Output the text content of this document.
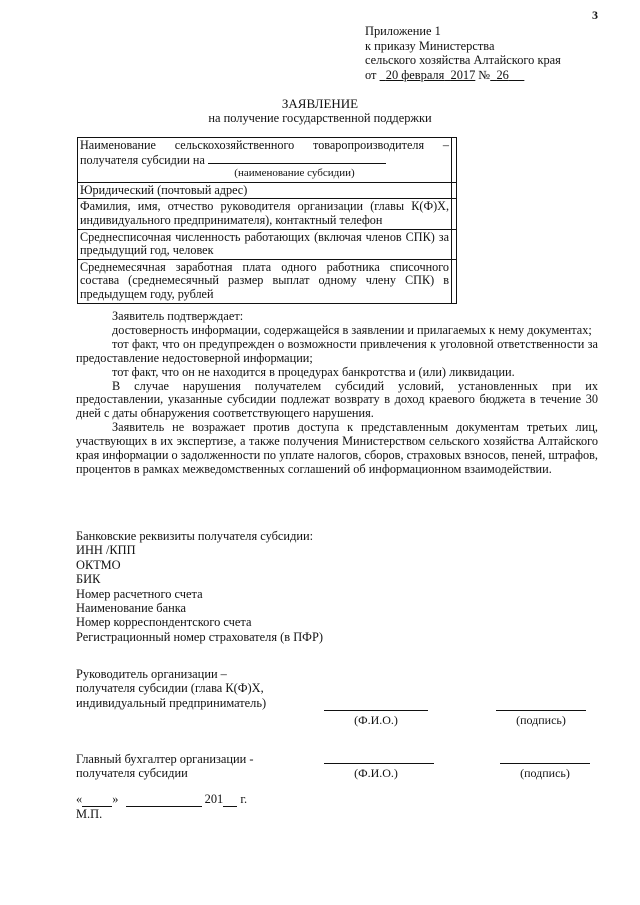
3
Приложение 1
к приказу Министерства
сельского хозяйства Алтайского края
от 20 февраля 2017 № 26
ЗАЯВЛЕНИЕ
на получение государственной поддержки
Наименование сельскохозяйственного товаропроизводителя – получателя субсидии на
(наименование субсидии)	

Юридический (почтовый адрес)	
Фамилия, имя, отчество руководителя организации (главы К(Ф)Х, индивидуального предпринимателя), контактный телефон	
Среднесписочная численность работающих (включая членов СПК) за предыдущий год, человек	
Среднемесячная заработная плата одного работника списочного состава (среднемесячный размер выплат одному члену СПК) в предыдущем году, рублей	

Заявитель подтверждает:

достоверность информации, содержащейся в заявлении и прилагаемых к нему документах;

тот факт, что он предупрежден о возможности привлечения к уголовной ответственности за предоставление недостоверной информации;

тот факт, что он не находится в процедурах банкротства и (или) ликвидации.

В случае нарушения получателем субсидий условий, установленных при их предоставлении, указанные субсидии подлежат возврату в доход краевого бюджета в течение 30 дней с даты обнаружения соответствующего нарушения.

Заявитель не возражает против доступа к представленным документам третьих лиц, участвующих в их экспертизе, а также получения Министерством сельского хозяйства Алтайского края информации о задолженности по уплате налогов, сборов, страховых взносов, пеней, штрафов, процентов в рамках межведомственных соглашений об информационном взаимодействии.

Банковские реквизиты получателя субсидии:
ИНН /КПП
ОКТМО
БИК
Номер расчетного счета
Наименование банка
Номер корреспондентского счета
Регистрационный номер страхователя (в ПФР)
Руководитель организации –
получателя субсидии (глава К(Ф)Х,
индивидуальный предприниматель)
(Ф.И.О.)	(подпись)
Главный бухгалтер организации -
получателя субсидии	(Ф.И.О.)	(подпись)
« »	201 г.
М.П.
